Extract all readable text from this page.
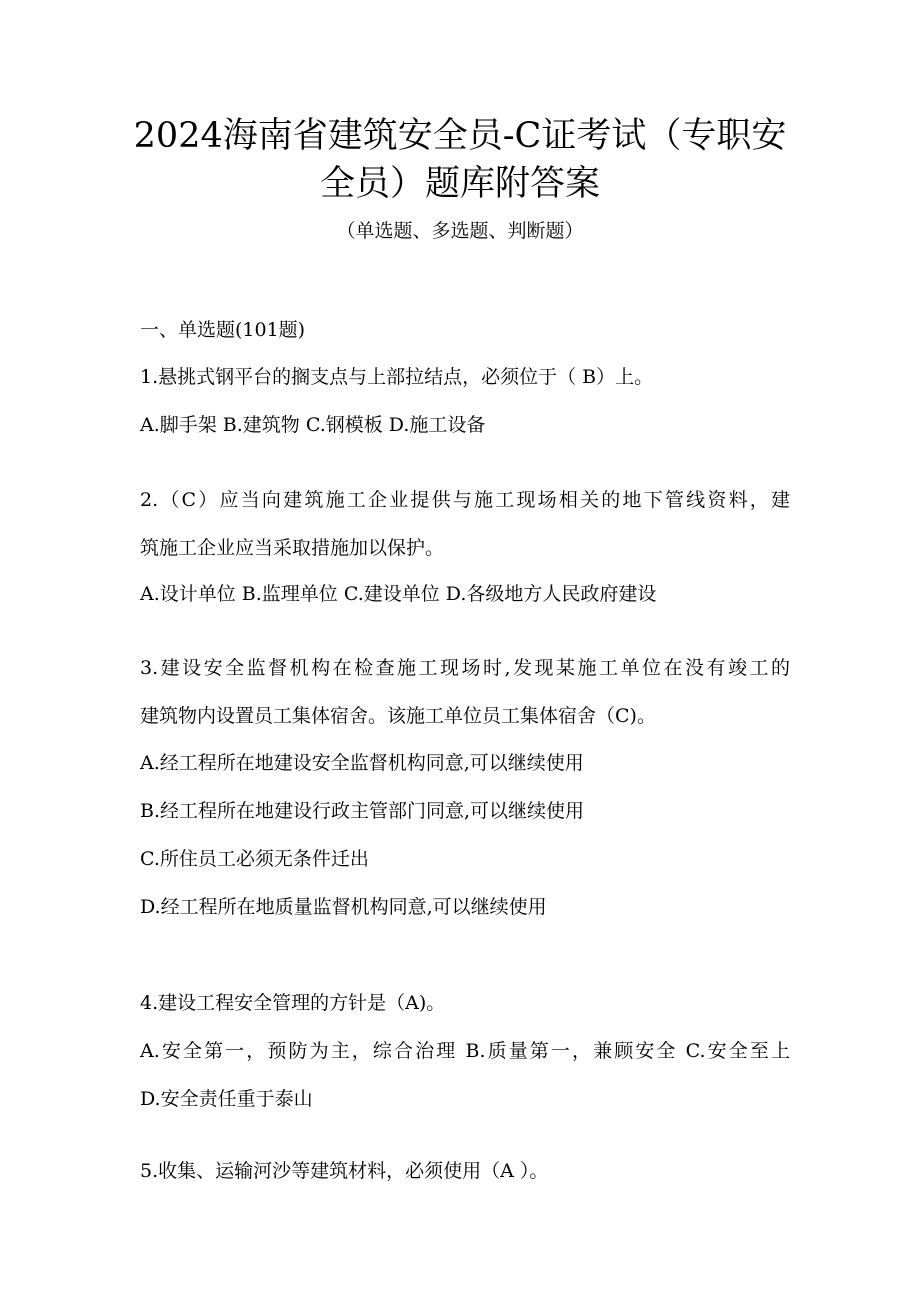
2024海南省建筑安全员-C证考试（专职安
全员）题库附答案
（单选题、多选题、判断题）
一、单选题(101题)
1.悬挑式钢平台的搁支点与上部拉结点，必须位于（ B）上。
A.脚手架 B.建筑物 C.钢模板 D.施工设备
2.（C）应当向建筑施工企业提供与施工现场相关的地下管线资料，建
筑施工企业应当采取措施加以保护。
A.设计单位 B.监理单位 C.建设单位 D.各级地方人民政府建设
3.建设安全监督机构在检查施工现场时,发现某施工单位在没有竣工的
建筑物内设置员工集体宿舍。该施工单位员工集体宿舍（C)。
A.经工程所在地建设安全监督机构同意,可以继续使用
B.经工程所在地建设行政主管部门同意,可以继续使用
C.所住员工必须无条件迁出
D.经工程所在地质量监督机构同意,可以继续使用
4.建设工程安全管理的方针是（A)。
A.安全第一，预防为主，综合治理 B.质量第一，兼顾安全 C.安全至上
D.安全责任重于泰山
5.收集、运输河沙等建筑材料，必须使用（A ）。
